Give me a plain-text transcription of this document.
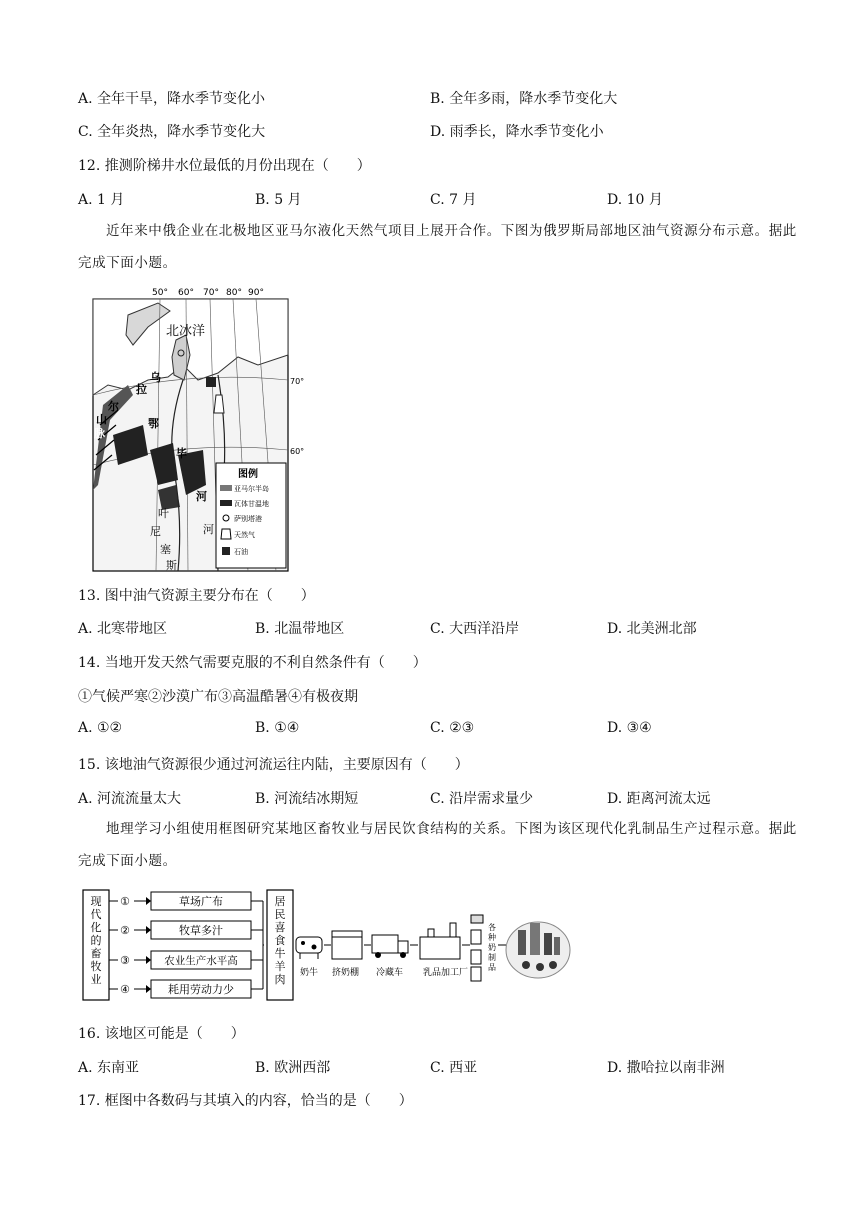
A. 全年干旱，降水季节变化小	B. 全年多雨，降水季节变化大
C. 全年炎热，降水季节变化大	D. 雨季长，降水季节变化小
12. 推测阶梯井水位最低的月份出现在（　　）
A. 1 月	B. 5 月	C. 7 月	D. 10 月
近年来中俄企业在北极地区亚马尔液化天然气项目上展开合作。下图为俄罗斯局部地区油气资源分布示意。据此完成下面小题。
50° 60° 70° 80° 90°
70°
60°
北冰洋
乌
拉
尔
山
脉
鄂
毕
河
叶
尼
塞
斯
河
图例
亚马尔半岛
瓦体甘温地
萨别塔港
天然气
石油
13. 图中油气资源主要分布在（　　）
A. 北寒带地区	B. 北温带地区	C. 大西洋沿岸	D. 北美洲北部
14. 当地开发天然气需要克服的不利自然条件有（　　）
①气候严寒②沙漠广布③高温酷暑④有极夜期
A. ①②	B. ①④	C. ②③	D. ③④
15. 该地油气资源很少通过河流运往内陆，主要原因有（　　）
A. 河流流量太大	B. 河流结冰期短	C. 沿岸需求量少	D. 距离河流太远
地理学习小组使用框图研究某地区畜牧业与居民饮食结构的关系。下图为该区现代化乳制品生产过程示意。据此完成下面小题。
现
代
化
的
畜
牧
业
①	草场广布
②	牧草多汁
③	农业生产水平高
④	耗用劳动力少
居
民
喜
食
牛
羊
肉 奶牛 挤奶棚 冷藏车 乳品加工厂
各
种
奶
制
品
16. 该地区可能是（　　）
A. 东南亚	B. 欧洲西部	C. 西亚	D. 撒哈拉以南非洲
17. 框图中各数码与其填入的内容，恰当的是（　　）
